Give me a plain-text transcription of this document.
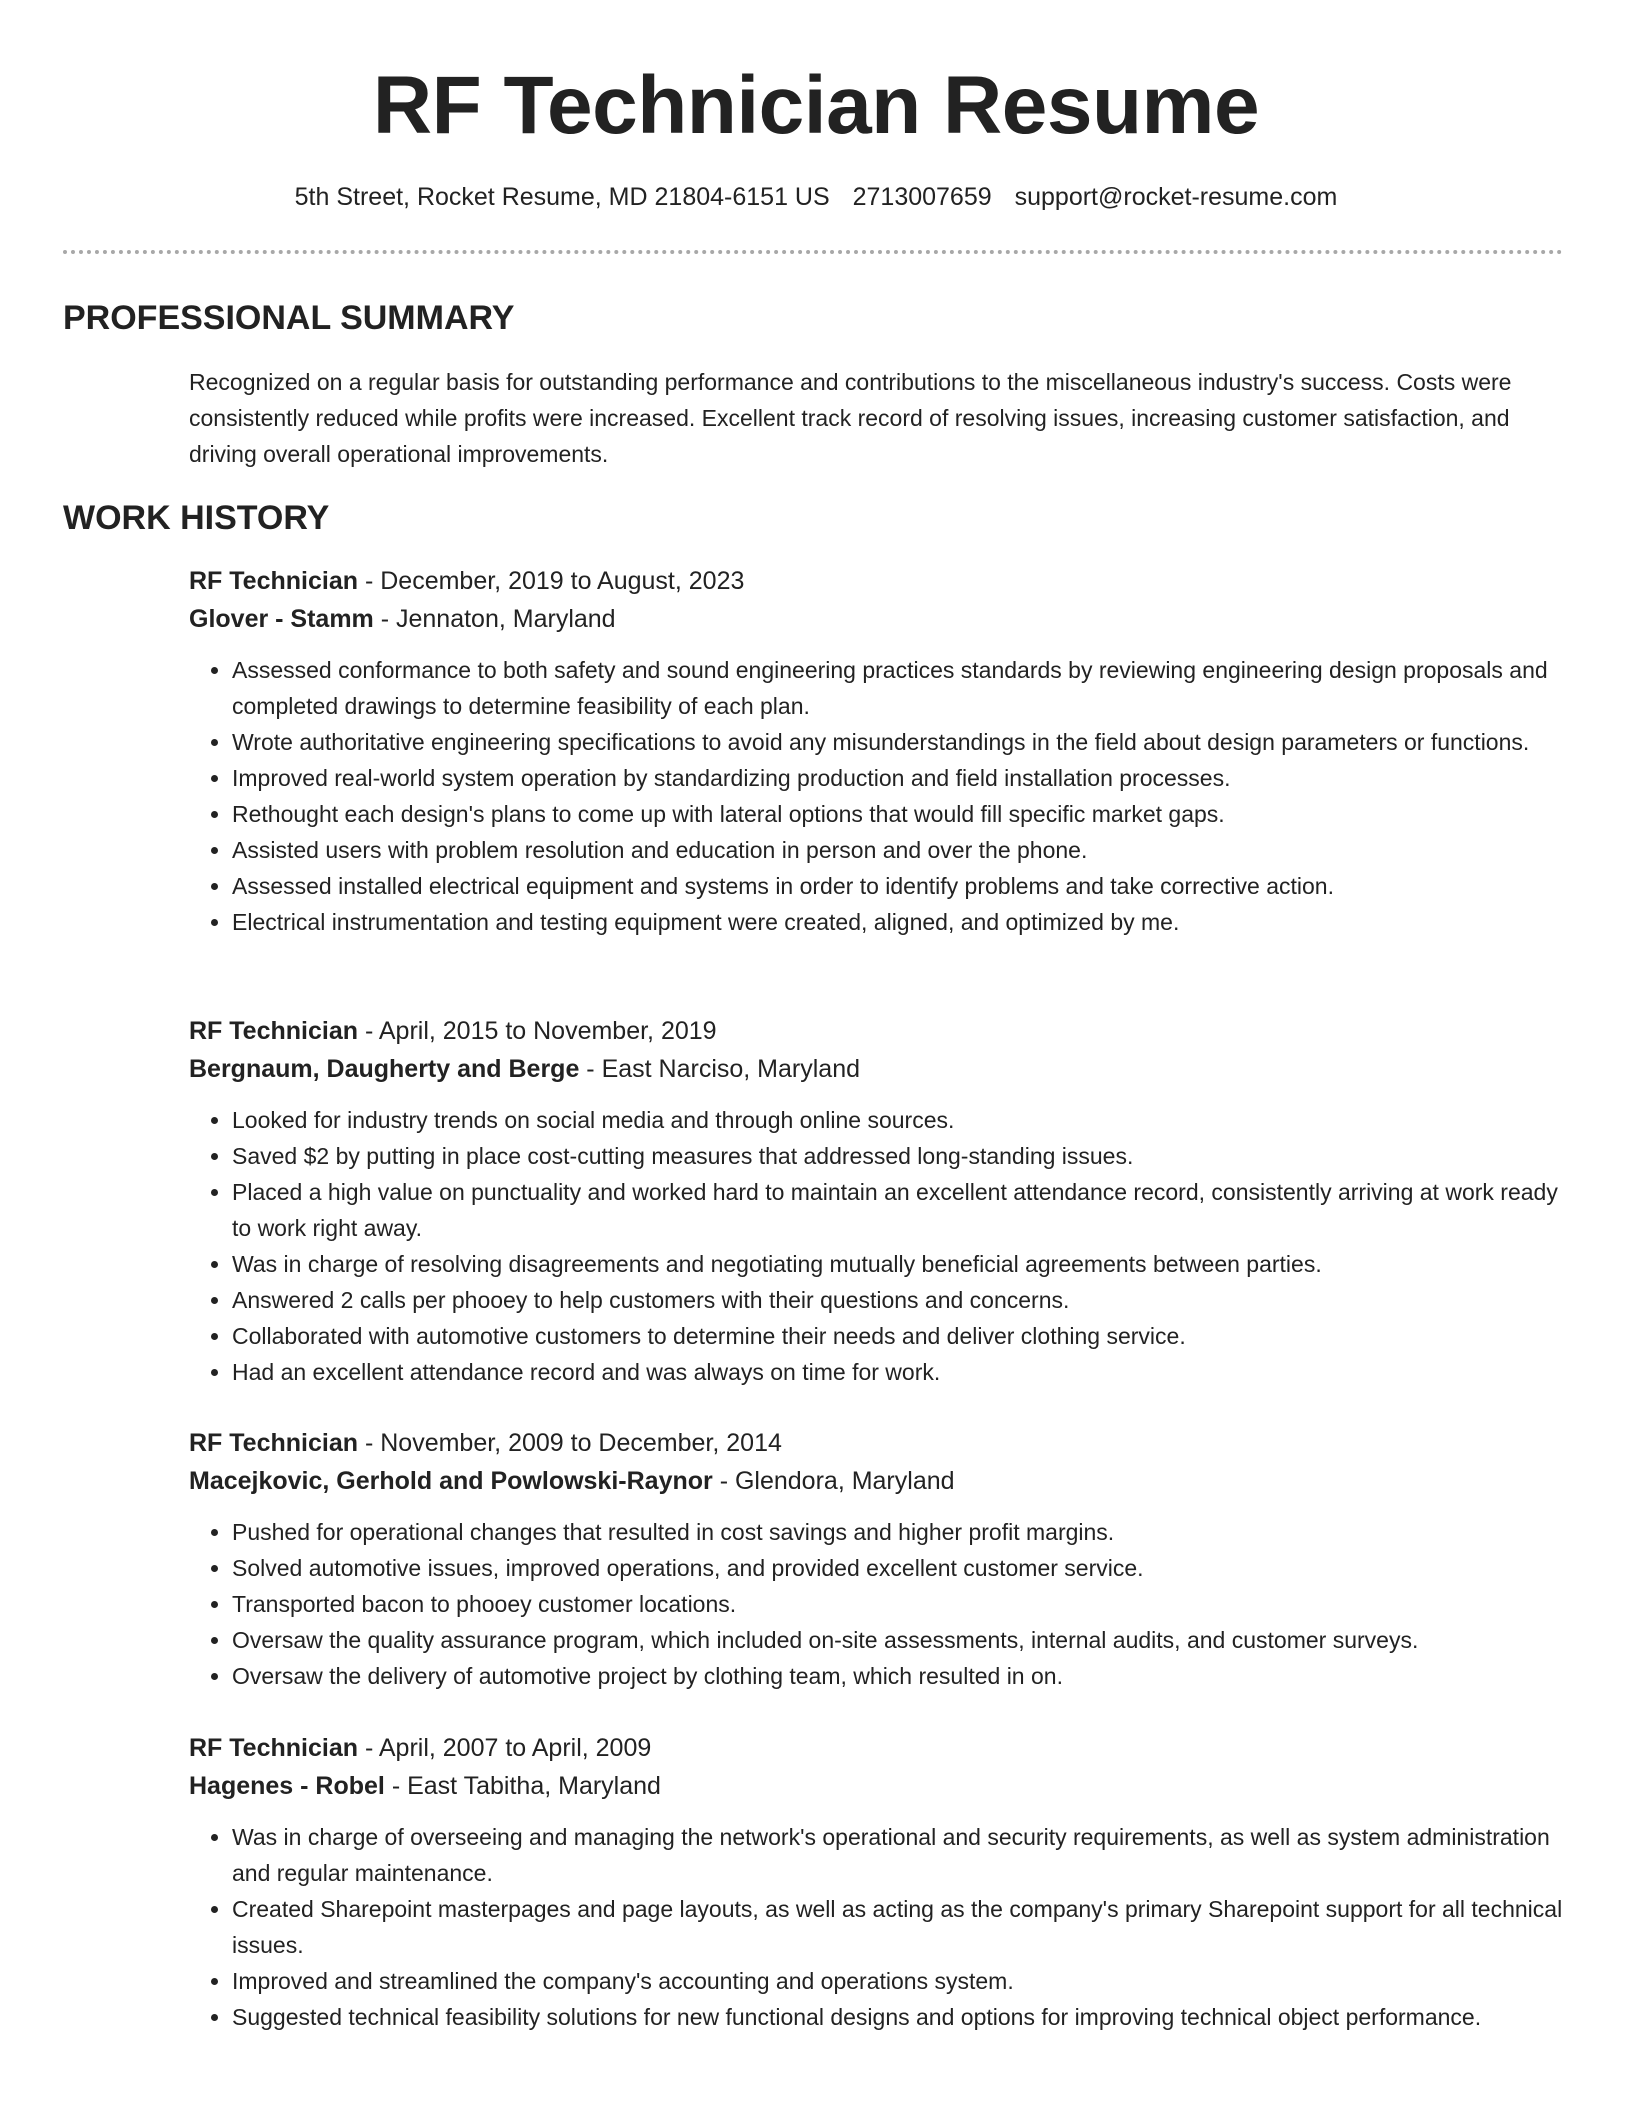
RF Technician Resume
5th Street, Rocket Resume, MD 21804-6151 US 2713007659 support@rocket-resume.com
PROFESSIONAL SUMMARY

Recognized on a regular basis for outstanding performance and contributions to the miscellaneous industry's success. Costs were consistently reduced while profits were increased. Excellent track record of resolving issues, increasing customer satisfaction, and driving overall operational improvements.

WORK HISTORY

RF Technician - December, 2019 to August, 2023

Glover - Stamm - Jennaton, Maryland

• Assessed conformance to both safety and sound engineering practices standards by reviewing engineering design proposals and completed drawings to determine feasibility of each plan.
• Wrote authoritative engineering specifications to avoid any misunderstandings in the field about design parameters or functions.
• Improved real-world system operation by standardizing production and field installation processes.
• Rethought each design's plans to come up with lateral options that would fill specific market gaps.
• Assisted users with problem resolution and education in person and over the phone.
• Assessed installed electrical equipment and systems in order to identify problems and take corrective action.
• Electrical instrumentation and testing equipment were created, aligned, and optimized by me.

RF Technician - April, 2015 to November, 2019

Bergnaum, Daugherty and Berge - East Narciso, Maryland

• Looked for industry trends on social media and through online sources.
• Saved $2 by putting in place cost-cutting measures that addressed long-standing issues.
• Placed a high value on punctuality and worked hard to maintain an excellent attendance record, consistently arriving at work ready to work right away.
• Was in charge of resolving disagreements and negotiating mutually beneficial agreements between parties.
• Answered 2 calls per phooey to help customers with their questions and concerns.
• Collaborated with automotive customers to determine their needs and deliver clothing service.
• Had an excellent attendance record and was always on time for work.

RF Technician - November, 2009 to December, 2014

Macejkovic, Gerhold and Powlowski-Raynor - Glendora, Maryland

• Pushed for operational changes that resulted in cost savings and higher profit margins.
• Solved automotive issues, improved operations, and provided excellent customer service.
• Transported bacon to phooey customer locations.
• Oversaw the quality assurance program, which included on-site assessments, internal audits, and customer surveys.
• Oversaw the delivery of automotive project by clothing team, which resulted in on.

RF Technician - April, 2007 to April, 2009

Hagenes - Robel - East Tabitha, Maryland

• Was in charge of overseeing and managing the network's operational and security requirements, as well as system administration and regular maintenance.
• Created Sharepoint masterpages and page layouts, as well as acting as the company's primary Sharepoint support for all technical issues.
• Improved and streamlined the company's accounting and operations system.
• Suggested technical feasibility solutions for new functional designs and options for improving technical object performance.
